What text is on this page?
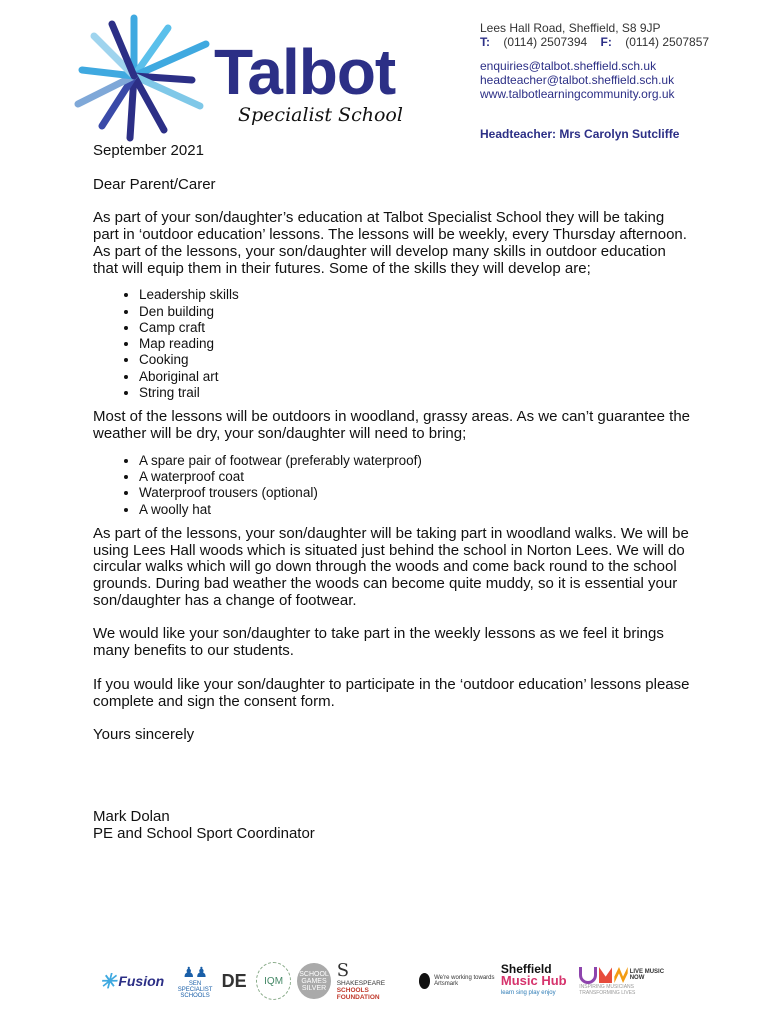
Talbot
Specialist School
Lees Hall Road, Sheffield, S8 9JP
T: (0114) 2507394 F: (0114) 2507857
enquiries@talbot.sheffield.sch.uk
headteacher@talbot.sheffield.sch.uk
www.talbotlearningcommunity.org.uk
Headteacher: Mrs Carolyn Sutcliffe

September 2021

Dear Parent/Carer

As part of your son/daughter’s education at Talbot Specialist School they will be taking part in ‘outdoor education’ lessons. The lessons will be weekly, every Thursday afternoon. As part of the lessons, your son/daughter will develop many skills in outdoor education that will equip them in their futures. Some of the skills they will develop are;

• Leadership skills
• Den building
• Camp craft
• Map reading
• Cooking
• Aboriginal art
• String trail

Most of the lessons will be outdoors in woodland, grassy areas. As we can’t guarantee the weather will be dry, your son/daughter will need to bring;

• A spare pair of footwear (preferably waterproof)
• A waterproof coat
• Waterproof trousers (optional)
• A woolly hat

As part of the lessons, your son/daughter will be taking part in woodland walks. We will be using Lees Hall woods which is situated just behind the school in Norton Lees. We will do circular walks which will go down through the woods and come back round to the school grounds. During bad weather the woods can become quite muddy, so it is essential your son/daughter has a change of footwear.

We would like your son/daughter to take part in the weekly lessons as we feel it brings many benefits to our students.

If you would like your son/daughter to participate in the ‘outdoor education’ lessons please complete and sign the consent form.

Yours sincerely

Mark Dolan
PE and School Sport Coordinator
✳ Fusion
♟♟
SEN SPECIALIST SCHOOLS
DE	IQM
SCHOOL GAMES SILVER
S
SHAKESPEARE
SCHOOLS FOUNDATION
We're working towards Artsmark
Sheffield
Music Hub
learn sing play enjoy
LIVE MUSIC NOW
INSPIRING MUSICIANS TRANSFORMING LIVES
